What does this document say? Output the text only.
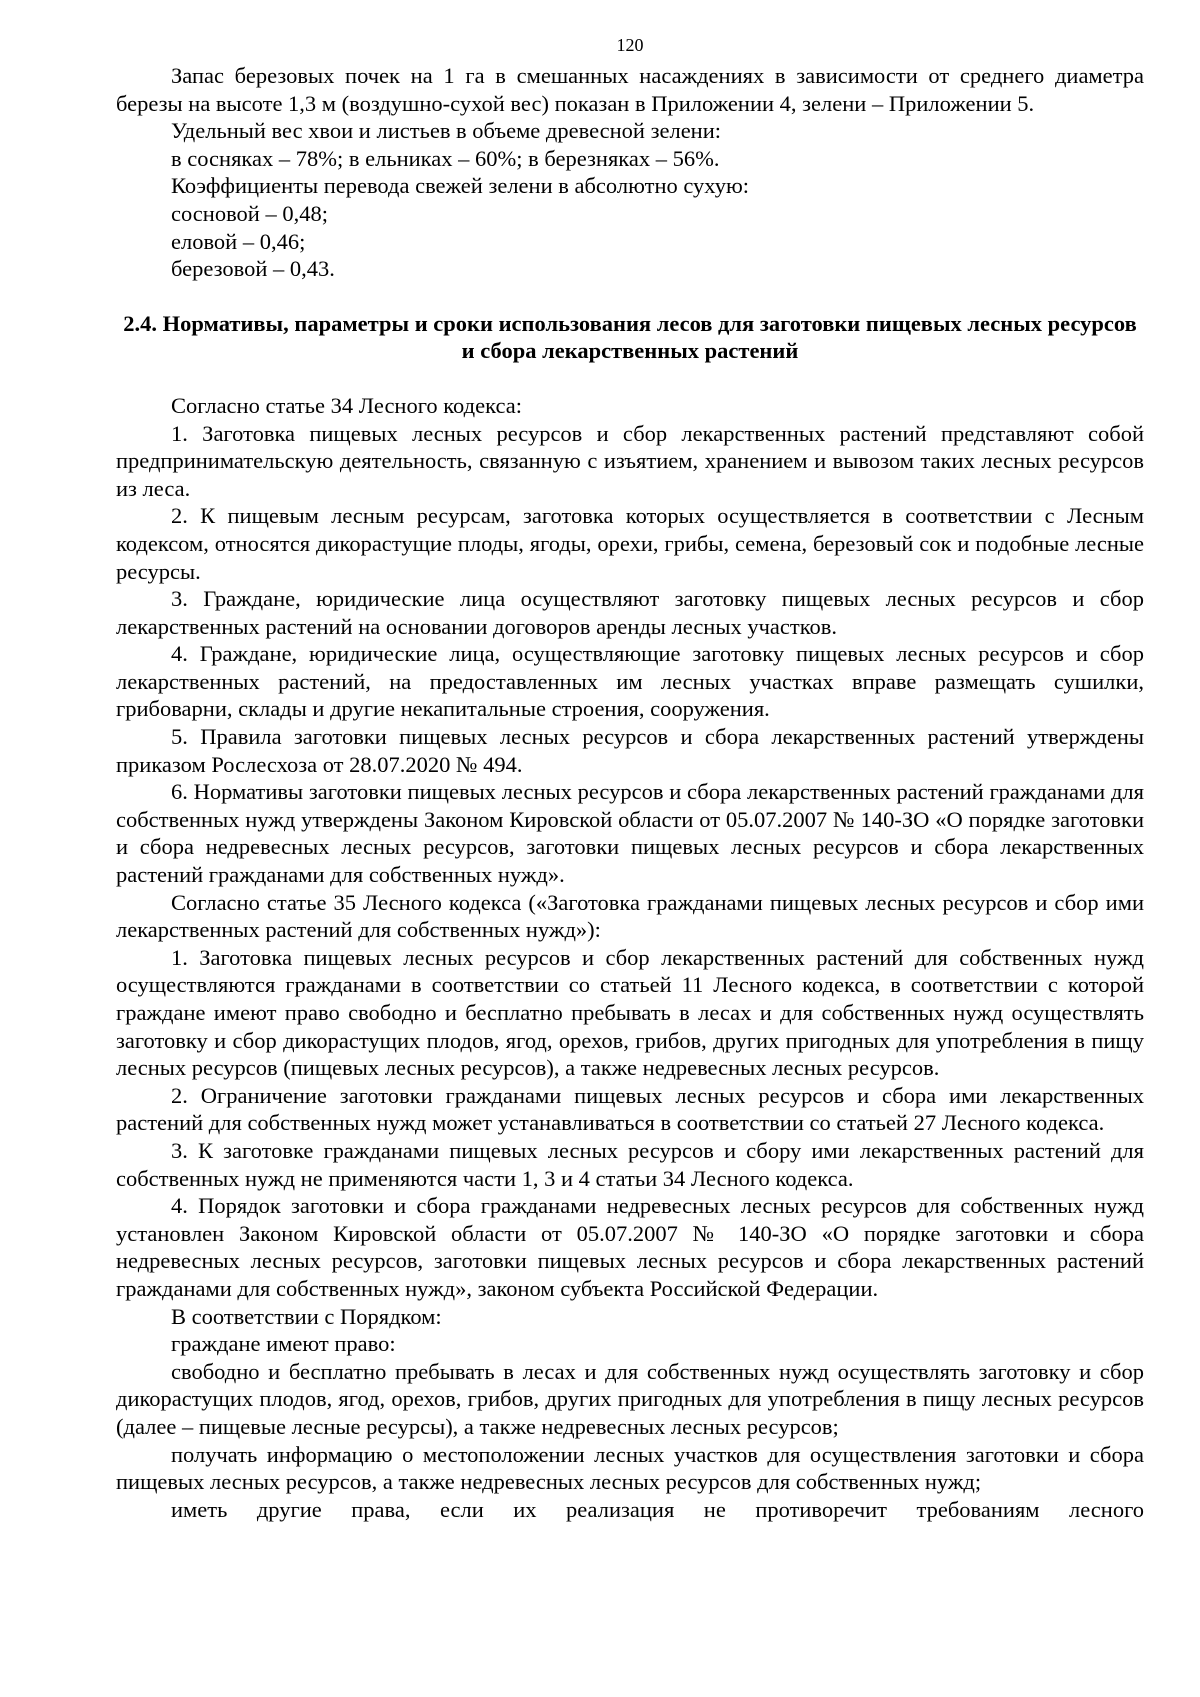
120

Запас березовых почек на 1 га в смешанных насаждениях в зависимости от среднего диаметра березы на высоте 1,3 м (воздушно-сухой вес) показан в Приложении 4, зелени – Приложении 5.

Удельный вес хвои и листьев в объеме древесной зелени:

в сосняках – 78%; в ельниках – 60%; в березняках – 56%.

Коэффициенты перевода свежей зелени в абсолютно сухую:

сосновой – 0,48;

еловой – 0,46;

березовой – 0,43.

2.4. Нормативы, параметры и сроки использования лесов для заготовки пищевых лесных ресурсов и сбора лекарственных растений

Согласно статье 34 Лесного кодекса:

1. Заготовка пищевых лесных ресурсов и сбор лекарственных растений представляют собой предпринимательскую деятельность, связанную с изъятием, хранением и вывозом таких лесных ресурсов из леса.

2. К пищевым лесным ресурсам, заготовка которых осуществляется в соответствии с Лесным кодексом, относятся дикорастущие плоды, ягоды, орехи, грибы, семена, березовый сок и подобные лесные ресурсы.

3. Граждане, юридические лица осуществляют заготовку пищевых лесных ресурсов и сбор лекарственных растений на основании договоров аренды лесных участков.

4. Граждане, юридические лица, осуществляющие заготовку пищевых лесных ресурсов и сбор лекарственных растений, на предоставленных им лесных участках вправе размещать сушилки, грибоварни, склады и другие некапитальные строения, сооружения.

5. Правила заготовки пищевых лесных ресурсов и сбора лекарственных растений утверждены приказом Рослесхоза от 28.07.2020 № 494.

6. Нормативы заготовки пищевых лесных ресурсов и сбора лекарственных растений гражданами для собственных нужд утверждены Законом Кировской области от 05.07.2007 № 140-ЗО «О порядке заготовки и сбора недревесных лесных ресурсов, заготовки пищевых лесных ресурсов и сбора лекарственных растений гражданами для собственных нужд».

Согласно статье 35 Лесного кодекса («Заготовка гражданами пищевых лесных ресурсов и сбор ими лекарственных растений для собственных нужд»):

1. Заготовка пищевых лесных ресурсов и сбор лекарственных растений для собственных нужд осуществляются гражданами в соответствии со статьей 11 Лесного кодекса, в соответствии с которой граждане имеют право свободно и бесплатно пребывать в лесах и для собственных нужд осуществлять заготовку и сбор дикорастущих плодов, ягод, орехов, грибов, других пригодных для употребления в пищу лесных ресурсов (пищевых лесных ресурсов), а также недревесных лесных ресурсов.

2. Ограничение заготовки гражданами пищевых лесных ресурсов и сбора ими лекарственных растений для собственных нужд может устанавливаться в соответствии со статьей 27 Лесного кодекса.

3. К заготовке гражданами пищевых лесных ресурсов и сбору ими лекарственных растений для собственных нужд не применяются части 1, 3 и 4 статьи 34 Лесного кодекса.

4. Порядок заготовки и сбора гражданами недревесных лесных ресурсов для собственных нужд установлен Законом Кировской области от 05.07.2007 № 140-ЗО «О порядке заготовки и сбора недревесных лесных ресурсов, заготовки пищевых лесных ресурсов и сбора лекарственных растений гражданами для собственных нужд», законом субъекта Российской Федерации.

В соответствии с Порядком:

граждане имеют право:

свободно и бесплатно пребывать в лесах и для собственных нужд осуществлять заготовку и сбор дикорастущих плодов, ягод, орехов, грибов, других пригодных для употребления в пищу лесных ресурсов (далее – пищевые лесные ресурсы), а также недревесных лесных ресурсов;

получать информацию о местоположении лесных участков для осуществления заготовки и сбора пищевых лесных ресурсов, а также недревесных лесных ресурсов для собственных нужд;

иметь другие права, если их реализация не противоречит требованиям лесного
